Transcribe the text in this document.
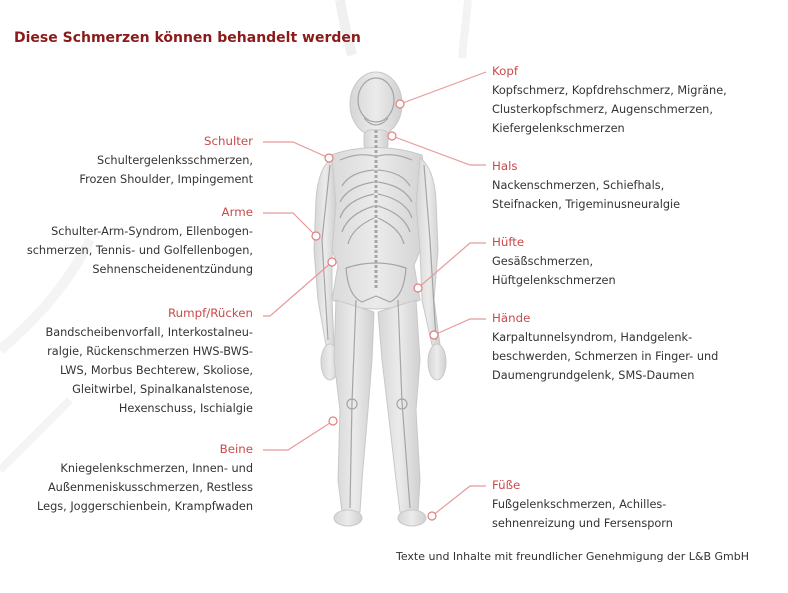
Diese Schmerzen können behandelt werden
Schulter
Schultergelenksschmerzen,
Frozen Shoulder, Impingement
Arme
Schulter-Arm-Syndrom, Ellenbogen-
schmerzen, Tennis- und Golfellenbogen,
Sehnenscheidenentzündung
Rumpf/Rücken
Bandscheibenvorfall, Interkostalneu-
ralgie, Rückenschmerzen HWS-BWS-
LWS, Morbus Bechterew, Skoliose,
Gleitwirbel, Spinalkanalstenose,
Hexenschuss, Ischialgie
Beine
Kniegelenkschmerzen, Innen- und
Außenmeniskusschmerzen, Restless
Legs, Joggerschienbein, Krampfwaden
Kopf
Kopfschmerz, Kopfdrehschmerz, Migräne,
Clusterkopfschmerz, Augenschmerzen,
Kiefergelenkschmerzen
Hals
Nackenschmerzen, Schiefhals,
Steifnacken, Trigeminusneuralgie
Hüfte
Gesäßschmerzen,
Hüftgelenkschmerzen
Hände
Karpaltunnelsyndrom, Handgelenk-
beschwerden, Schmerzen in Finger- und
Daumengrundgelenk, SMS-Daumen
Füße
Fußgelenkschmerzen, Achilles-
sehnenreizung und Fersensporn
Texte und Inhalte mit freundlicher Genehmigung der L&B GmbH
